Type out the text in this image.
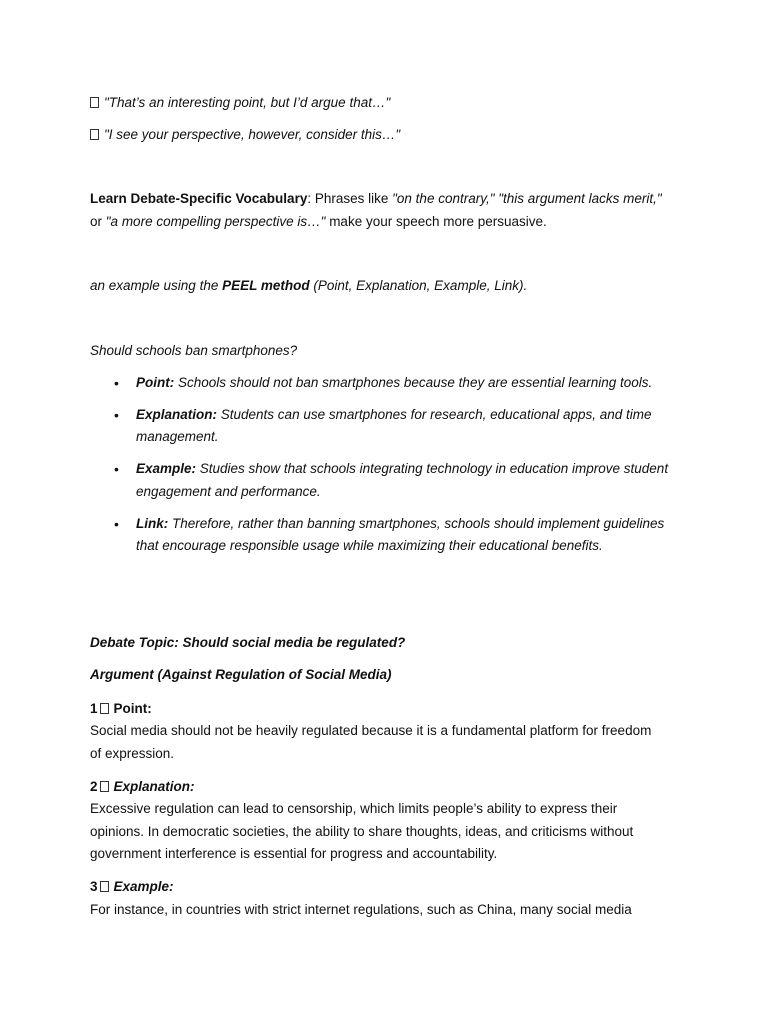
"That’s an interesting point, but I’d argue that…"
"I see your perspective, however, consider this…"
Learn Debate-Specific Vocabulary: Phrases like "on the contrary," "this argument lacks merit,"
or "a more compelling perspective is…" make your speech more persuasive.
an example using the PEEL method (Point, Explanation, Example, Link).
Should schools ban smartphones?
• Point: Schools should not ban smartphones because they are essential learning tools.
• Explanation: Students can use smartphones for research, educational apps, and time
management.
• Example: Studies show that schools integrating technology in education improve student
engagement and performance.
• Link: Therefore, rather than banning smartphones, schools should implement guidelines
that encourage responsible usage while maximizing their educational benefits.
Debate Topic: Should social media be regulated?
Argument (Against Regulation of Social Media)
1 Point:
Social media should not be heavily regulated because it is a fundamental platform for freedom
of expression.
2 Explanation:
Excessive regulation can lead to censorship, which limits people’s ability to express their
opinions. In democratic societies, the ability to share thoughts, ideas, and criticisms without
government interference is essential for progress and accountability.
3 Example:
For instance, in countries with strict internet regulations, such as China, many social media
